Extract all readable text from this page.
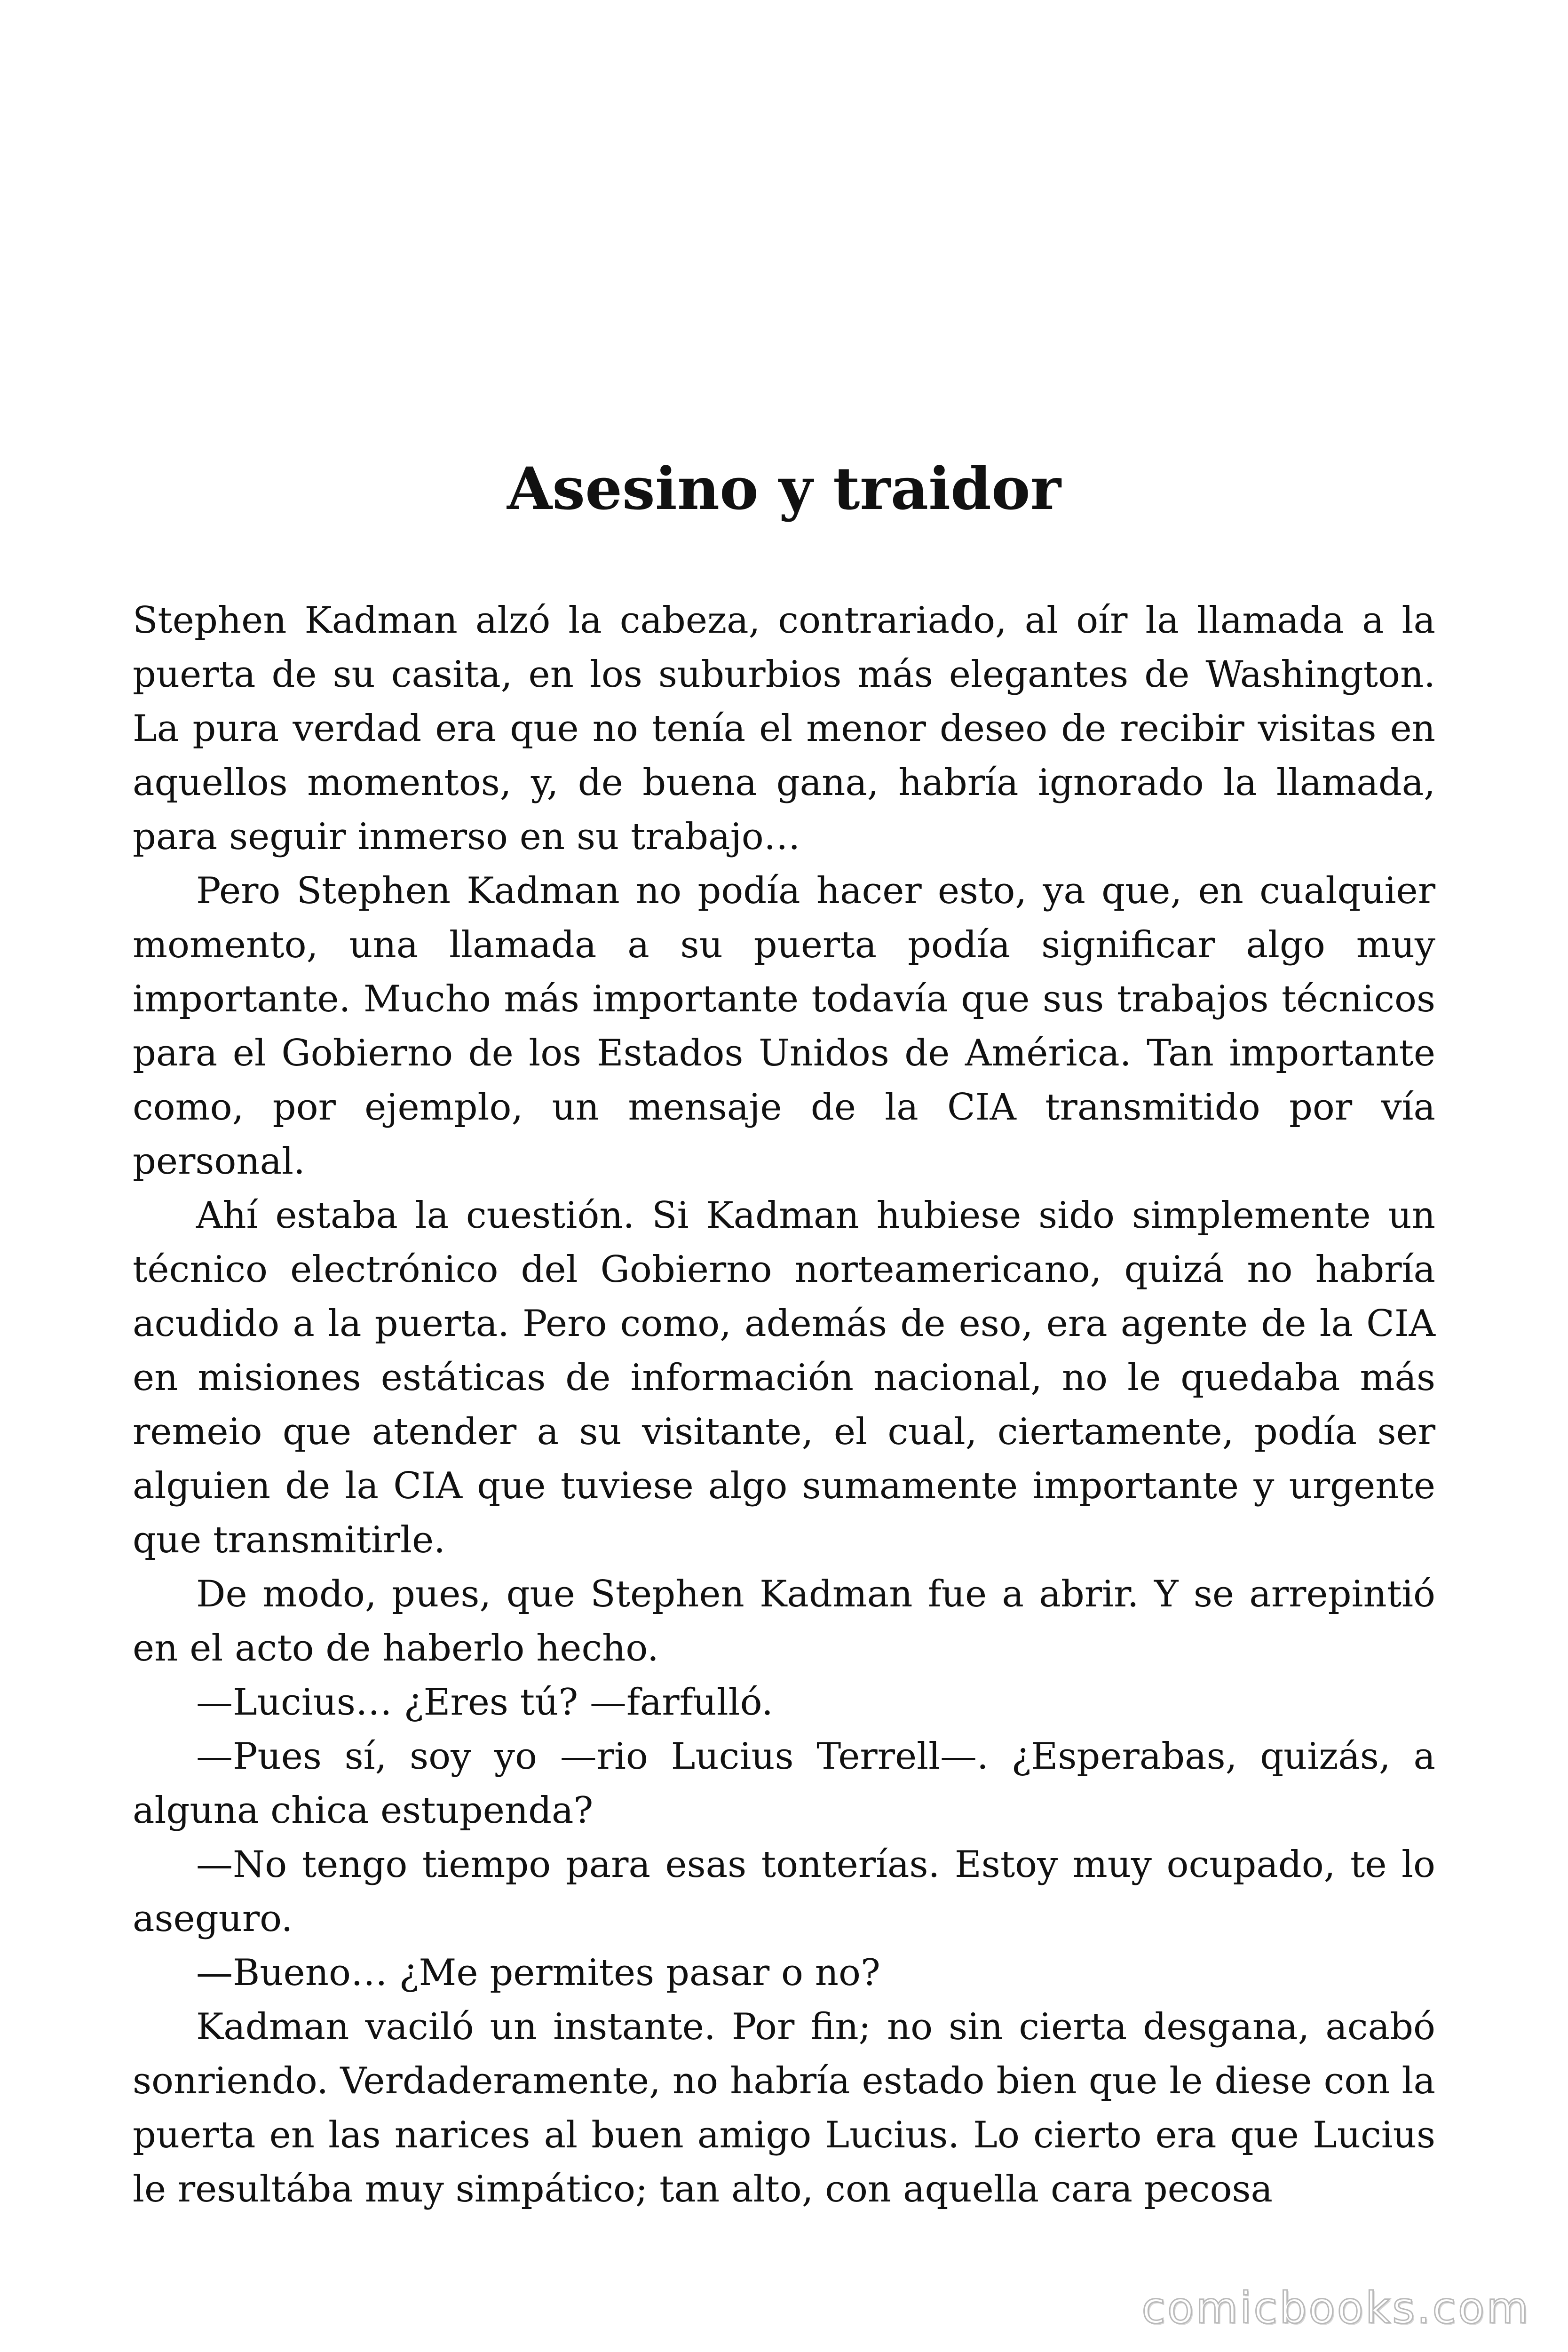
Asesino y traidor

Stephen Kadman alzó la cabeza, contrariado, al oír la llamada a la puerta de su casita, en los suburbios más elegantes de Washington. La pura verdad era que no tenía el menor deseo de recibir visitas en aquellos momentos, y, de buena gana, habría ignorado la llamada, para seguir inmerso en su trabajo…

Pero Stephen Kadman no podía hacer esto, ya que, en cualquier momento, una llamada a su puerta podía significar algo muy importante. Mucho más importante todavía que sus trabajos técnicos para el Gobierno de los Estados Unidos de América. Tan importante como, por ejemplo, un mensaje de la CIA transmitido por vía personal.

Ahí estaba la cuestión. Si Kadman hubiese sido simplemente un técnico electrónico del Gobierno norteamericano, quizá no habría acudido a la puerta. Pero como, además de eso, era agente de la CIA en misiones estáticas de información nacional, no le quedaba más remeio que atender a su visitante, el cual, ciertamente, podía ser alguien de la CIA que tuviese algo sumamente importante y urgente que transmitirle.

De modo, pues, que Stephen Kadman fue a abrir. Y se arrepintió en el acto de haberlo hecho.

—Lucius… ¿Eres tú? —farfulló.

—Pues sí, soy yo —rio Lucius Terrell—. ¿Esperabas, quizás, a alguna chica estupenda?

—No tengo tiempo para esas tonterías. Estoy muy ocupado, te lo aseguro.

—Bueno… ¿Me permites pasar o no?

Kadman vaciló un instante. Por fin; no sin cierta desgana, acabó sonriendo. Verdaderamente, no habría estado bien que le diese con la puerta en las narices al buen amigo Lucius. Lo cierto era que Lucius le resultába muy simpático; tan alto, con aquella cara pecosa

comicbooks.com
